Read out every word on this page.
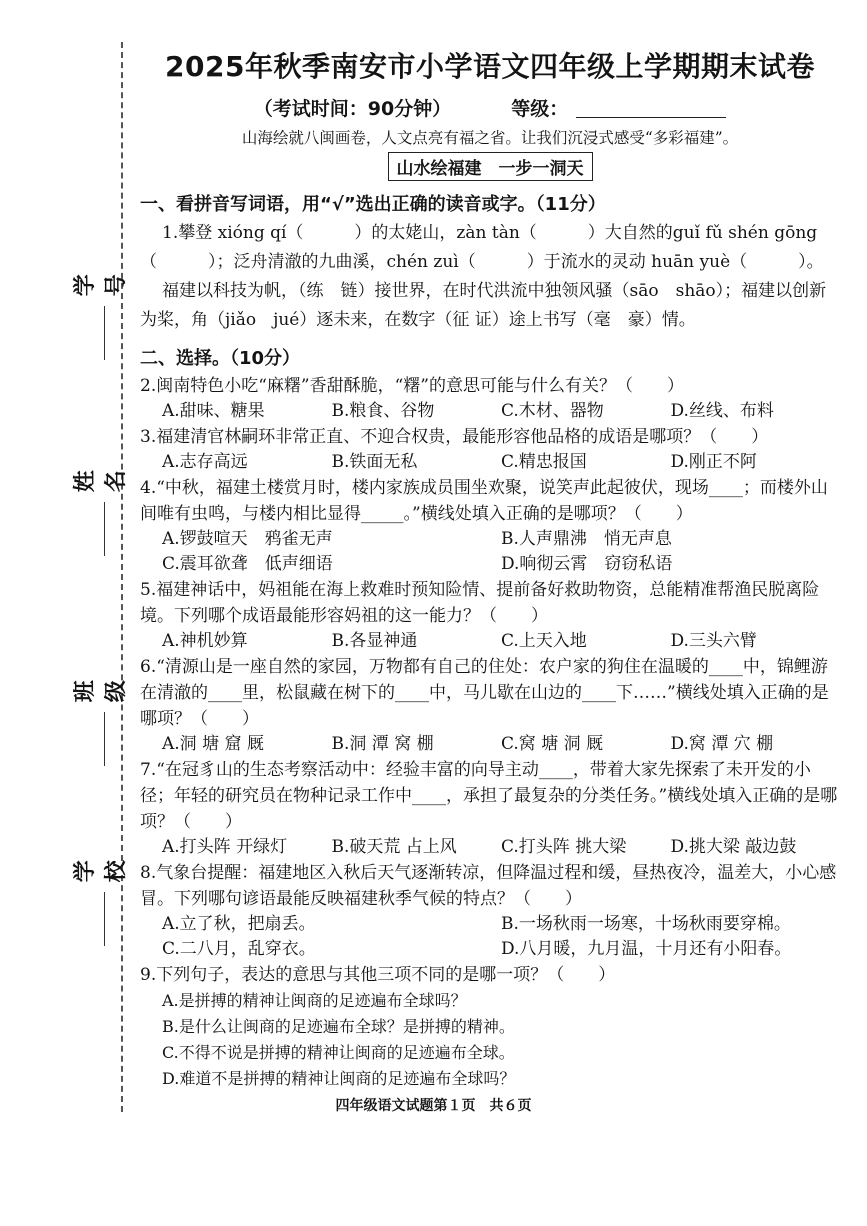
学号
姓名
班级
学校
2025年秋季南安市小学语文四年级上学期期末试卷
（考试时间：90分钟）	等级：
山海绘就八闽画卷，人文点亮有福之省。让我们沉浸式感受“多彩福建”。
山水绘福建　一步一洞天
一、看拼音写词语，用“√”选出正确的读音或字。（11分）

1.攀登 xióng qí（　　　）的太姥山，zàn tàn（　　　）大自然的guǐ fǔ shén gōng（　　　）；泛舟清澈的九曲溪，chén zuì（　　　）于流水的灵动 huān yuè（　　　）。

福建以科技为帆，（练　链）接世界，在时代洪流中独领风骚（sāo　shāo）；福建以创新为桨，角（jiǎo　jué）逐未来，在数字（征 证）途上书写（毫　豪）情。

二、选择。（10分）

2.闽南特色小吃“麻糬”香甜酥脆，“糬”的意思可能与什么有关？（　　）

A.甜味、糖果	B.粮食、谷物	C.木材、器物	D.丝线、布料

3.福建清官林嗣环非常正直、不迎合权贵，最能形容他品格的成语是哪项？（　　）

A.志存高远	B.铁面无私	C.精忠报国	D.刚正不阿

4.“中秋，福建土楼赏月时，楼内家族成员围坐欢聚，说笑声此起彼伏，现场____；而楼外山间唯有虫鸣，与楼内相比显得_____。”横线处填入正确的是哪项？（　　）

A.锣鼓喧天　鸦雀无声	B.人声鼎沸　悄无声息
C.震耳欲聋　低声细语	D.响彻云霄　窃窃私语

5.福建神话中，妈祖能在海上救难时预知险情、提前备好救助物资，总能精准帮渔民脱离险境。下列哪个成语最能形容妈祖的这一能力？（　　）

A.神机妙算	B.各显神通	C.上天入地	D.三头六臂

6.“清源山是一座自然的家园，万物都有自己的住处：农户家的狗住在温暖的____中，锦鲤游在清澈的____里，松鼠藏在树下的____中，马儿歇在山边的____下……”横线处填入正确的是哪项？（　　）

A.洞 塘 窟 厩	B.洞 潭 窝 棚	C.窝 塘 洞 厩	D.窝 潭 穴 棚

7.“在冠豸山的生态考察活动中：经验丰富的向导主动____，带着大家先探索了未开发的小径；年轻的研究员在物种记录工作中____，承担了最复杂的分类任务。”横线处填入正确的是哪项？（　　）

A.打头阵 开绿灯	B.破天荒 占上风	C.打头阵 挑大梁	D.挑大梁 敲边鼓

8.气象台提醒：福建地区入秋后天气逐渐转凉，但降温过程和缓，昼热夜冷，温差大，小心感冒。下列哪句谚语最能反映福建秋季气候的特点？（　　）

A.立了秋，把扇丢。	B.一场秋雨一场寒，十场秋雨要穿棉。
C.二八月，乱穿衣。	D.八月暖，九月温，十月还有小阳春。

9.下列句子，表达的意思与其他三项不同的是哪一项？（　　）

A.是拼搏的精神让闽商的足迹遍布全球吗？
B.是什么让闽商的足迹遍布全球？是拼搏的精神。
C.不得不说是拼搏的精神让闽商的足迹遍布全球。
D.难道不是拼搏的精神让闽商的足迹遍布全球吗？

四年级语文试题第１页　共６页
